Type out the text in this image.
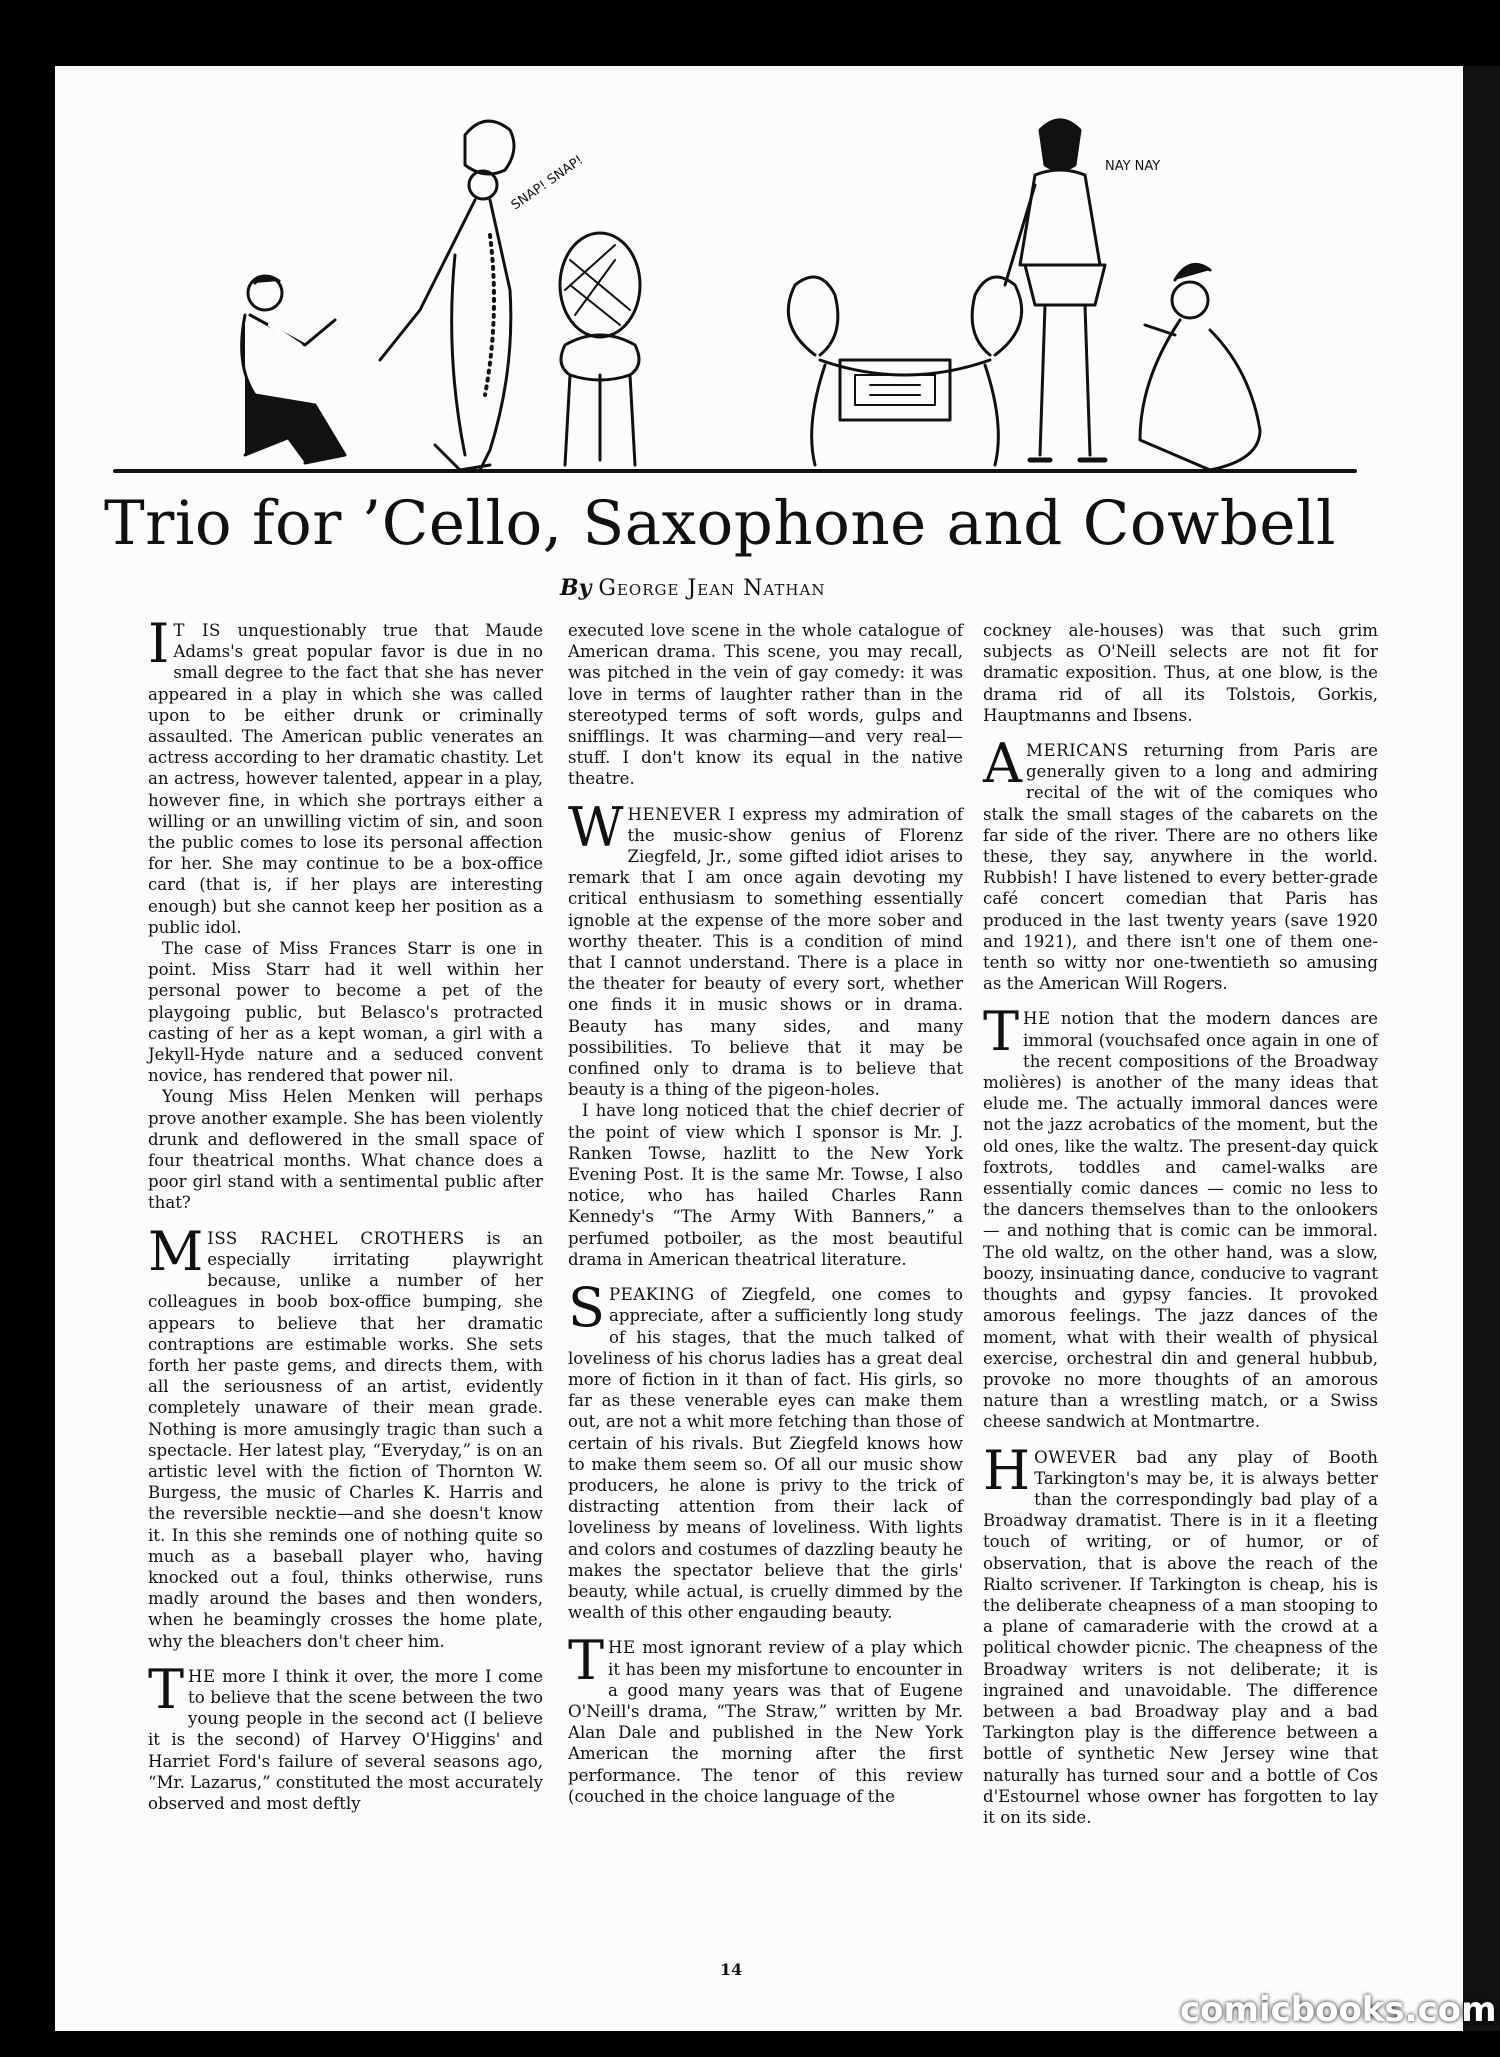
SNAP! SNAP!	NAY NAY
Trio for ’Cello, Saxophone and Cowbell
By George Jean Nathan

I T IS unquestionably true that Maude Adams's great popular favor is due in no small degree to the fact that she has never appeared in a play in which she was called upon to be either drunk or criminally assaulted. The American public venerates an actress according to her dramatic chastity. Let an actress, however talented, appear in a play, however fine, in which she portrays either a willing or an unwilling victim of sin, and soon the public comes to lose its personal affection for her. She may continue to be a box-office card (that is, if her plays are interesting enough) but she cannot keep her position as a public idol.

The case of Miss Frances Starr is one in point. Miss Starr had it well within her personal power to become a pet of the playgoing public, but Belasco's protracted casting of her as a kept woman, a girl with a Jekyll-Hyde nature and a seduced convent novice, has rendered that power nil.

Young Miss Helen Menken will perhaps prove another example. She has been violently drunk and deflowered in the small space of four theatrical months. What chance does a poor girl stand with a sentimental public after that?

MISS RACHEL CROTHERS is an especially irritating playwright because, unlike a number of her colleagues in boob box-office bumping, she appears to believe that her dramatic contraptions are estimable works. She sets forth her paste gems, and directs them, with all the seriousness of an artist, evidently completely unaware of their mean grade. Nothing is more amusingly tragic than such a spectacle. Her latest play, “Everyday,” is on an artistic level with the fiction of Thornton W. Burgess, the music of Charles K. Harris and the reversible necktie—and she doesn't know it. In this she reminds one of nothing quite so much as a baseball player who, having knocked out a foul, thinks otherwise, runs madly around the bases and then wonders, when he beamingly crosses the home plate, why the bleachers don't cheer him.

THE more I think it over, the more I come to believe that the scene between the two young people in the second act (I believe it is the second) of Harvey O'Higgins' and Harriet Ford's failure of several seasons ago, “Mr. Lazarus,” constituted the most accurately observed and most deftly

executed love scene in the whole catalogue of American drama. This scene, you may recall, was pitched in the vein of gay comedy: it was love in terms of laughter rather than in the stereotyped terms of soft words, gulps and snifflings. It was charming—and very real—stuff. I don't know its equal in the native theatre.

WHENEVER I express my admiration of the music-show genius of Florenz Ziegfeld, Jr., some gifted idiot arises to remark that I am once again devoting my critical enthusiasm to something essentially ignoble at the expense of the more sober and worthy theater. This is a condition of mind that I cannot understand. There is a place in the theater for beauty of every sort, whether one finds it in music shows or in drama. Beauty has many sides, and many possibilities. To believe that it may be confined only to drama is to believe that beauty is a thing of the pigeon-holes.

I have long noticed that the chief decrier of the point of view which I sponsor is Mr. J. Ranken Towse, hazlitt to the New York Evening Post. It is the same Mr. Towse, I also notice, who has hailed Charles Rann Kennedy's “The Army With Banners,” a perfumed potboiler, as the most beautiful drama in American theatrical literature.

SPEAKING of Ziegfeld, one comes to appreciate, after a sufficiently long study of his stages, that the much talked of loveliness of his chorus ladies has a great deal more of fiction in it than of fact. His girls, so far as these venerable eyes can make them out, are not a whit more fetching than those of certain of his rivals. But Ziegfeld knows how to make them seem so. Of all our music show producers, he alone is privy to the trick of distracting attention from their lack of loveliness by means of loveliness. With lights and colors and costumes of dazzling beauty he makes the spectator believe that the girls' beauty, while actual, is cruelly dimmed by the wealth of this other engauding beauty.

THE most ignorant review of a play which it has been my misfortune to encounter in a good many years was that of Eugene O'Neill's drama, “The Straw,” written by Mr. Alan Dale and published in the New York American the morning after the first performance. The tenor of this review (couched in the choice language of the

cockney ale-houses) was that such grim subjects as O'Neill selects are not fit for dramatic exposition. Thus, at one blow, is the drama rid of all its Tolstois, Gorkis, Hauptmanns and Ibsens.

AMERICANS returning from Paris are generally given to a long and admiring recital of the wit of the comiques who stalk the small stages of the cabarets on the far side of the river. There are no others like these, they say, anywhere in the world. Rubbish! I have listened to every better-grade café concert comedian that Paris has produced in the last twenty years (save 1920 and 1921), and there isn't one of them one-tenth so witty nor one-twentieth so amusing as the American Will Rogers.

THE notion that the modern dances are immoral (vouchsafed once again in one of the recent compositions of the Broadway molières) is another of the many ideas that elude me. The actually immoral dances were not the jazz acrobatics of the moment, but the old ones, like the waltz. The present-day quick foxtrots, toddles and camel-walks are essentially comic dances — comic no less to the dancers themselves than to the onlookers — and nothing that is comic can be immoral. The old waltz, on the other hand, was a slow, boozy, insinuating dance, conducive to vagrant thoughts and gypsy fancies. It provoked amorous feelings. The jazz dances of the moment, what with their wealth of physical exercise, orchestral din and general hubbub, provoke no more thoughts of an amorous nature than a wrestling match, or a Swiss cheese sandwich at Montmartre.

HOWEVER bad any play of Booth Tarkington's may be, it is always better than the correspondingly bad play of a Broadway dramatist. There is in it a fleeting touch of writing, or of humor, or of observation, that is above the reach of the Rialto scrivener. If Tarkington is cheap, his is the deliberate cheapness of a man stooping to a plane of camaraderie with the crowd at a political chowder picnic. The cheapness of the Broadway writers is not deliberate; it is ingrained and unavoidable. The difference between a bad Broadway play and a bad Tarkington play is the difference between a bottle of synthetic New Jersey wine that naturally has turned sour and a bottle of Cos d'Estournel whose owner has forgotten to lay it on its side.

14
comicbooks.com
